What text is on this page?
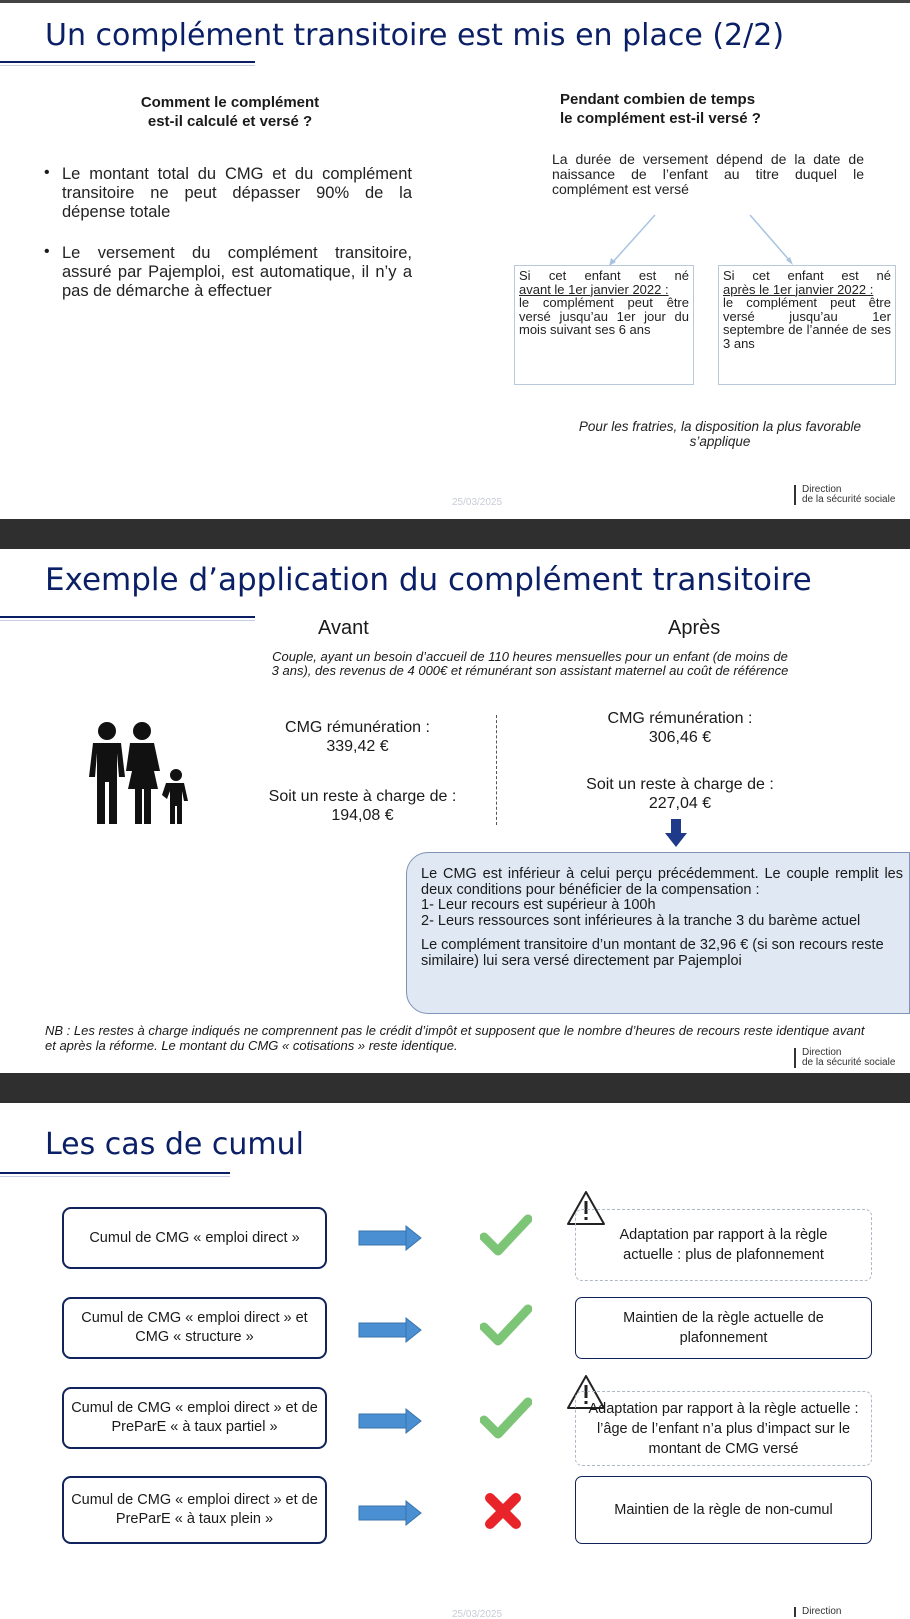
Un complément transitoire est mis en place (2/2)
Comment le complément
est-il calculé et versé ?
Pendant combien de temps
le complément est-il versé ?
• Le montant total du CMG et du complément transitoire ne peut dépasser 90% de la dépense totale
• Le versement du complément transitoire, assuré par Pajemploi, est automatique, il n’y a pas de démarche à effectuer
La durée de versement dépend de la date de naissance de l’enfant au titre duquel le complément est versé
Si cet enfant est né
avant le 1er janvier 2022 :
le complément peut être versé jusqu’au 1er jour du mois suivant ses 6 ans
Si cet enfant est né
après le 1er janvier 2022 :
le complément peut être versé jusqu’au 1er septembre de l’année de ses 3 ans
Pour les fratries, la disposition la plus favorable s’applique
25/03/2025
Direction
de la sécurité sociale
Exemple d’application du complément transitoire
Avant	Après
Couple, ayant un besoin d’accueil de 110 heures mensuelles pour un enfant (de moins de 3 ans), des revenus de 4 000€ et rémunérant son assistant maternel au coût de référence
CMG rémunération :
339,42 €
Soit un reste à charge de :
194,08 €
CMG rémunération :
306,46 €
Soit un reste à charge de :
227,04 €
Le CMG est inférieur à celui perçu précédemment. Le couple remplit les deux conditions pour bénéficier de la compensation :
1- Leur recours est supérieur à 100h
2- Leurs ressources sont inférieures à la tranche 3 du barème actuel
Le complément transitoire d’un montant de 32,96 € (si son recours reste similaire) lui sera versé directement par Pajemploi
NB : Les restes à charge indiqués ne comprennent pas le crédit d’impôt et supposent que le nombre d’heures de recours reste identique avant et après la réforme. Le montant du CMG « cotisations » reste identique.	Direction
de la sécurité sociale
Les cas de cumul
Cumul de CMG « emploi direct »	Adaptation par rapport à la règle actuelle : plus de plafonnement
Cumul de CMG « emploi direct » et CMG « structure »
Maintien de la règle actuelle de plafonnement
Cumul de CMG « emploi direct » et de PreParE « à taux partiel »
Adaptation par rapport à la règle actuelle : l’âge de l’enfant n’a plus d’impact sur le montant de CMG versé
Cumul de CMG « emploi direct » et de PreParE « à taux plein »
Maintien de la règle de non-cumul
25/03/2025	Direction
